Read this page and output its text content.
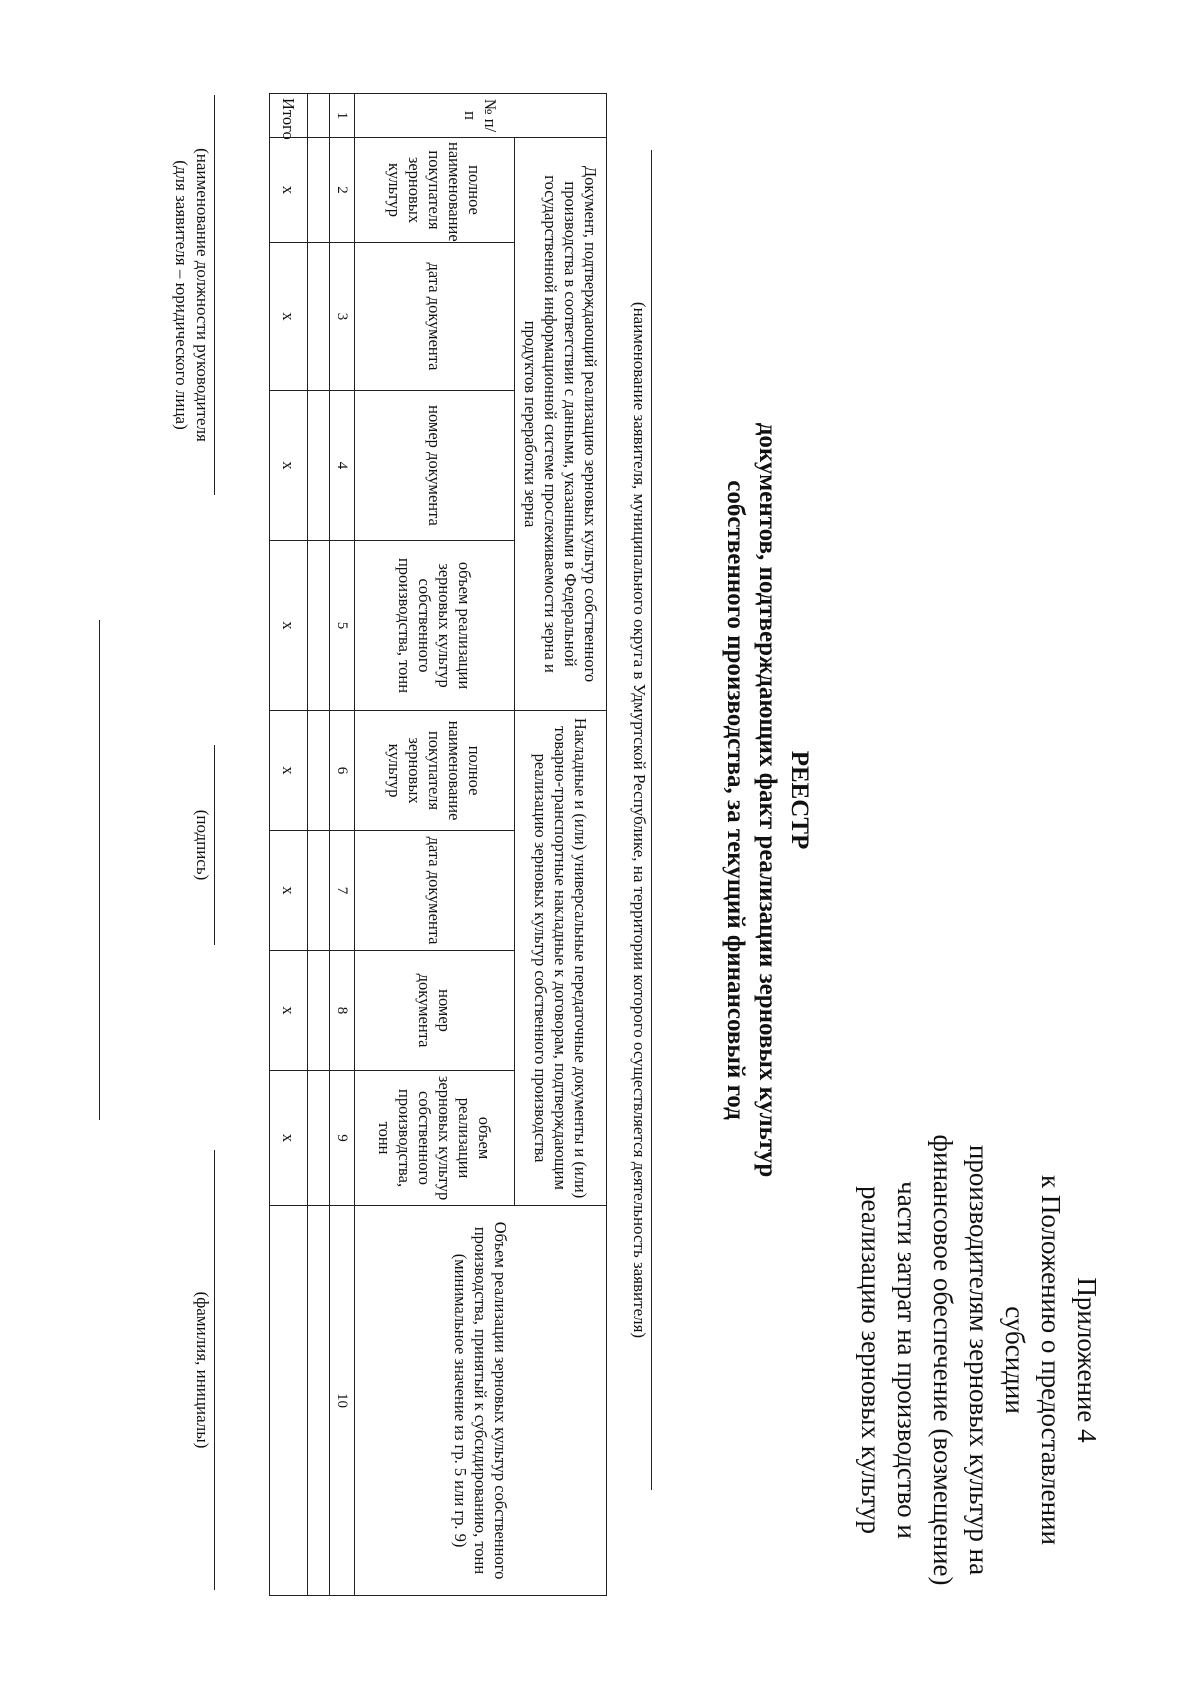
Приложение 4
к Положению о предоставлении субсидии
производителям зерновых культур на
финансовое обеспечение (возмещение)
части затрат на производство и
реализацию зерновых культур
РЕЕСТР
документов, подтверждающих факт реализации зерновых культур
собственного производства, за текущий финансовый год
(наименование заявителя, муниципального округа в Удмуртской Республике, на территории которого осуществляется деятельность заявителя)
№ п/п	Документ, подтверждающий реализацию зерновых культур собственного производства в соответствии с данными, указанными в Федеральной государственной информационной системе прослеживаемости зерна и продуктов переработки зерна				Накладные и (или) универсальные передаточные документы и (или) товарно-транспортные накладные к договорам, подтверждающим реализацию зерновых культур собственного производства				Объем реализации зерновых культур собственного производства, принятый к субсидированию, тонн (минимальное значение из гр. 5 или гр. 9)
	полное наименование покупателя зерновых культур	дата документа	номер документа	объем реализации зерновых культур собственного производства, тонн	полное наименование покупателя зерновых культур	дата документа	номер документа	объем реализации зерновых культур собственного производства, тонн	
1	2	3	4	5	6	7	8	9	10

Итого	x	x	x	x	x	x	x	x	
(наименование должности руководителя
(для заявителя – юридического лица)
(подпись)
(фамилия, инициалы)
